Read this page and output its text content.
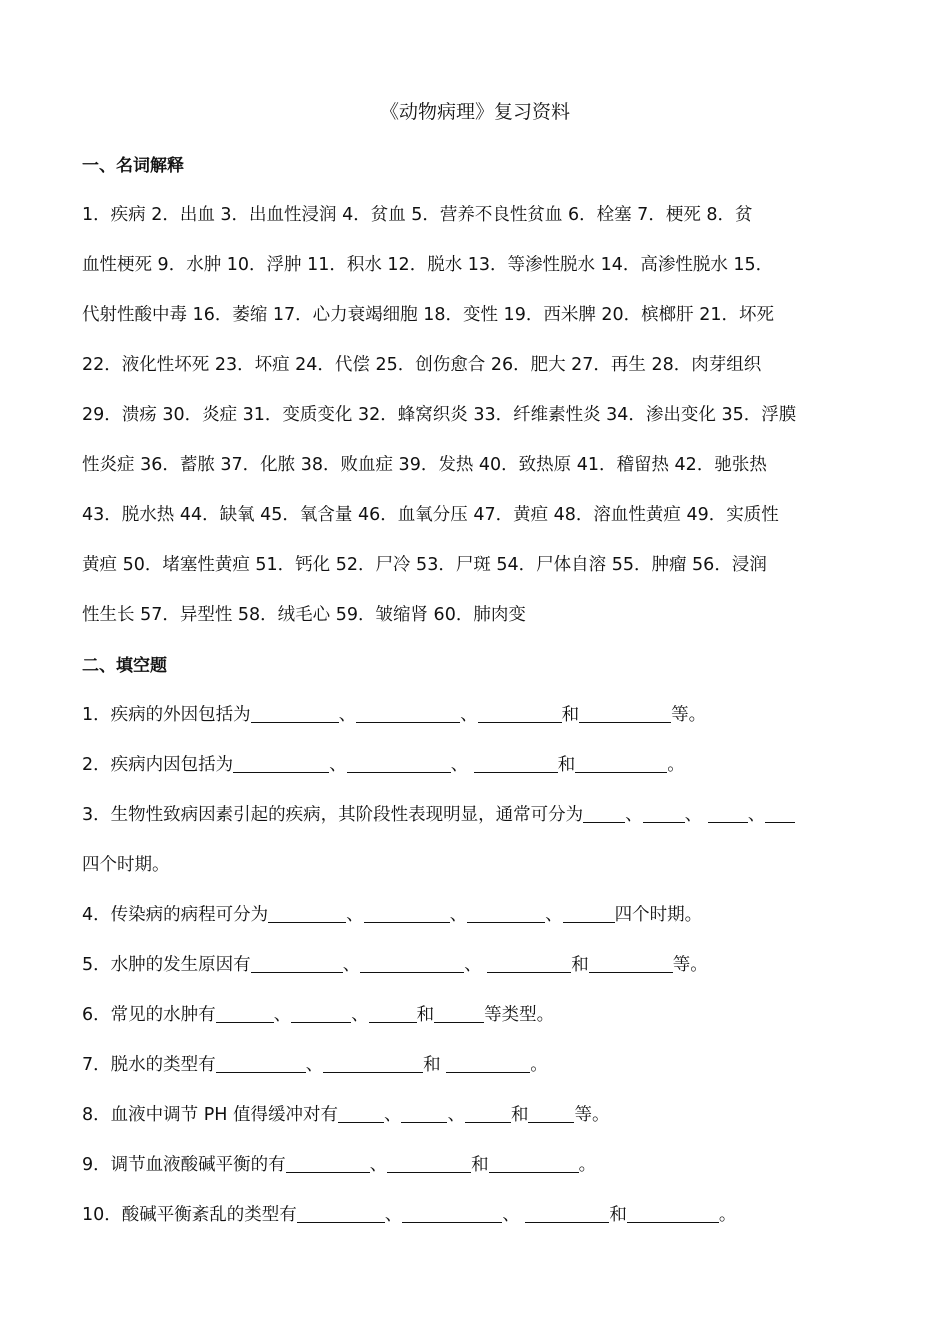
《动物病理》复习资料
一、名词解释
1．疾病 2．出血 3．出血性浸润 4．贫血 5．营养不良性贫血 6．栓塞 7．梗死 8．贫
血性梗死 9．水肿 10．浮肿 11．积水 12．脱水 13．等渗性脱水 14．高渗性脱水 15．
代射性酸中毒 16．萎缩 17．心力衰竭细胞 18．变性 19．西米脾 20．槟榔肝 21．坏死
22．液化性坏死 23．坏疽 24．代偿 25．创伤愈合 26．肥大 27．再生 28．肉芽组织
29．溃疡 30．炎症 31．变质变化 32．蜂窝织炎 33．纤维素性炎 34．渗出变化 35．浮膜
性炎症 36．蓄脓 37．化脓 38．败血症 39．发热 40．致热原 41．稽留热 42．驰张热
43．脱水热 44．缺氧 45．氧含量 46．血氧分压 47．黄疸 48．溶血性黄疸 49．实质性
黄疸 50．堵塞性黄疸 51．钙化 52．尸冷 53．尸斑 54．尸体自溶 55．肿瘤 56．浸润
性生长 57．异型性 58．绒毛心 59．皱缩肾 60．肺肉变
二、填空题
1．疾病的外因包括为	、	、	和	等。
2．疾病内因包括为	、	、	和	。
3．生物性致病因素引起的疾病，其阶段性表现明显，通常可分为 、 、 、
四个时期。
4．传染病的病程可分为	、	、	、	四个时期。
5．水肿的发生原因有	、	、	和	等。
6．常见的水肿有	、	、	和	等类型。
7．脱水的类型有	、	和	。
8．血液中调节 PH 值得缓冲对有	、	、	和	等。
9．调节血液酸碱平衡的有	、	和	。
10．酸碱平衡紊乱的类型有	、	、	和	。
